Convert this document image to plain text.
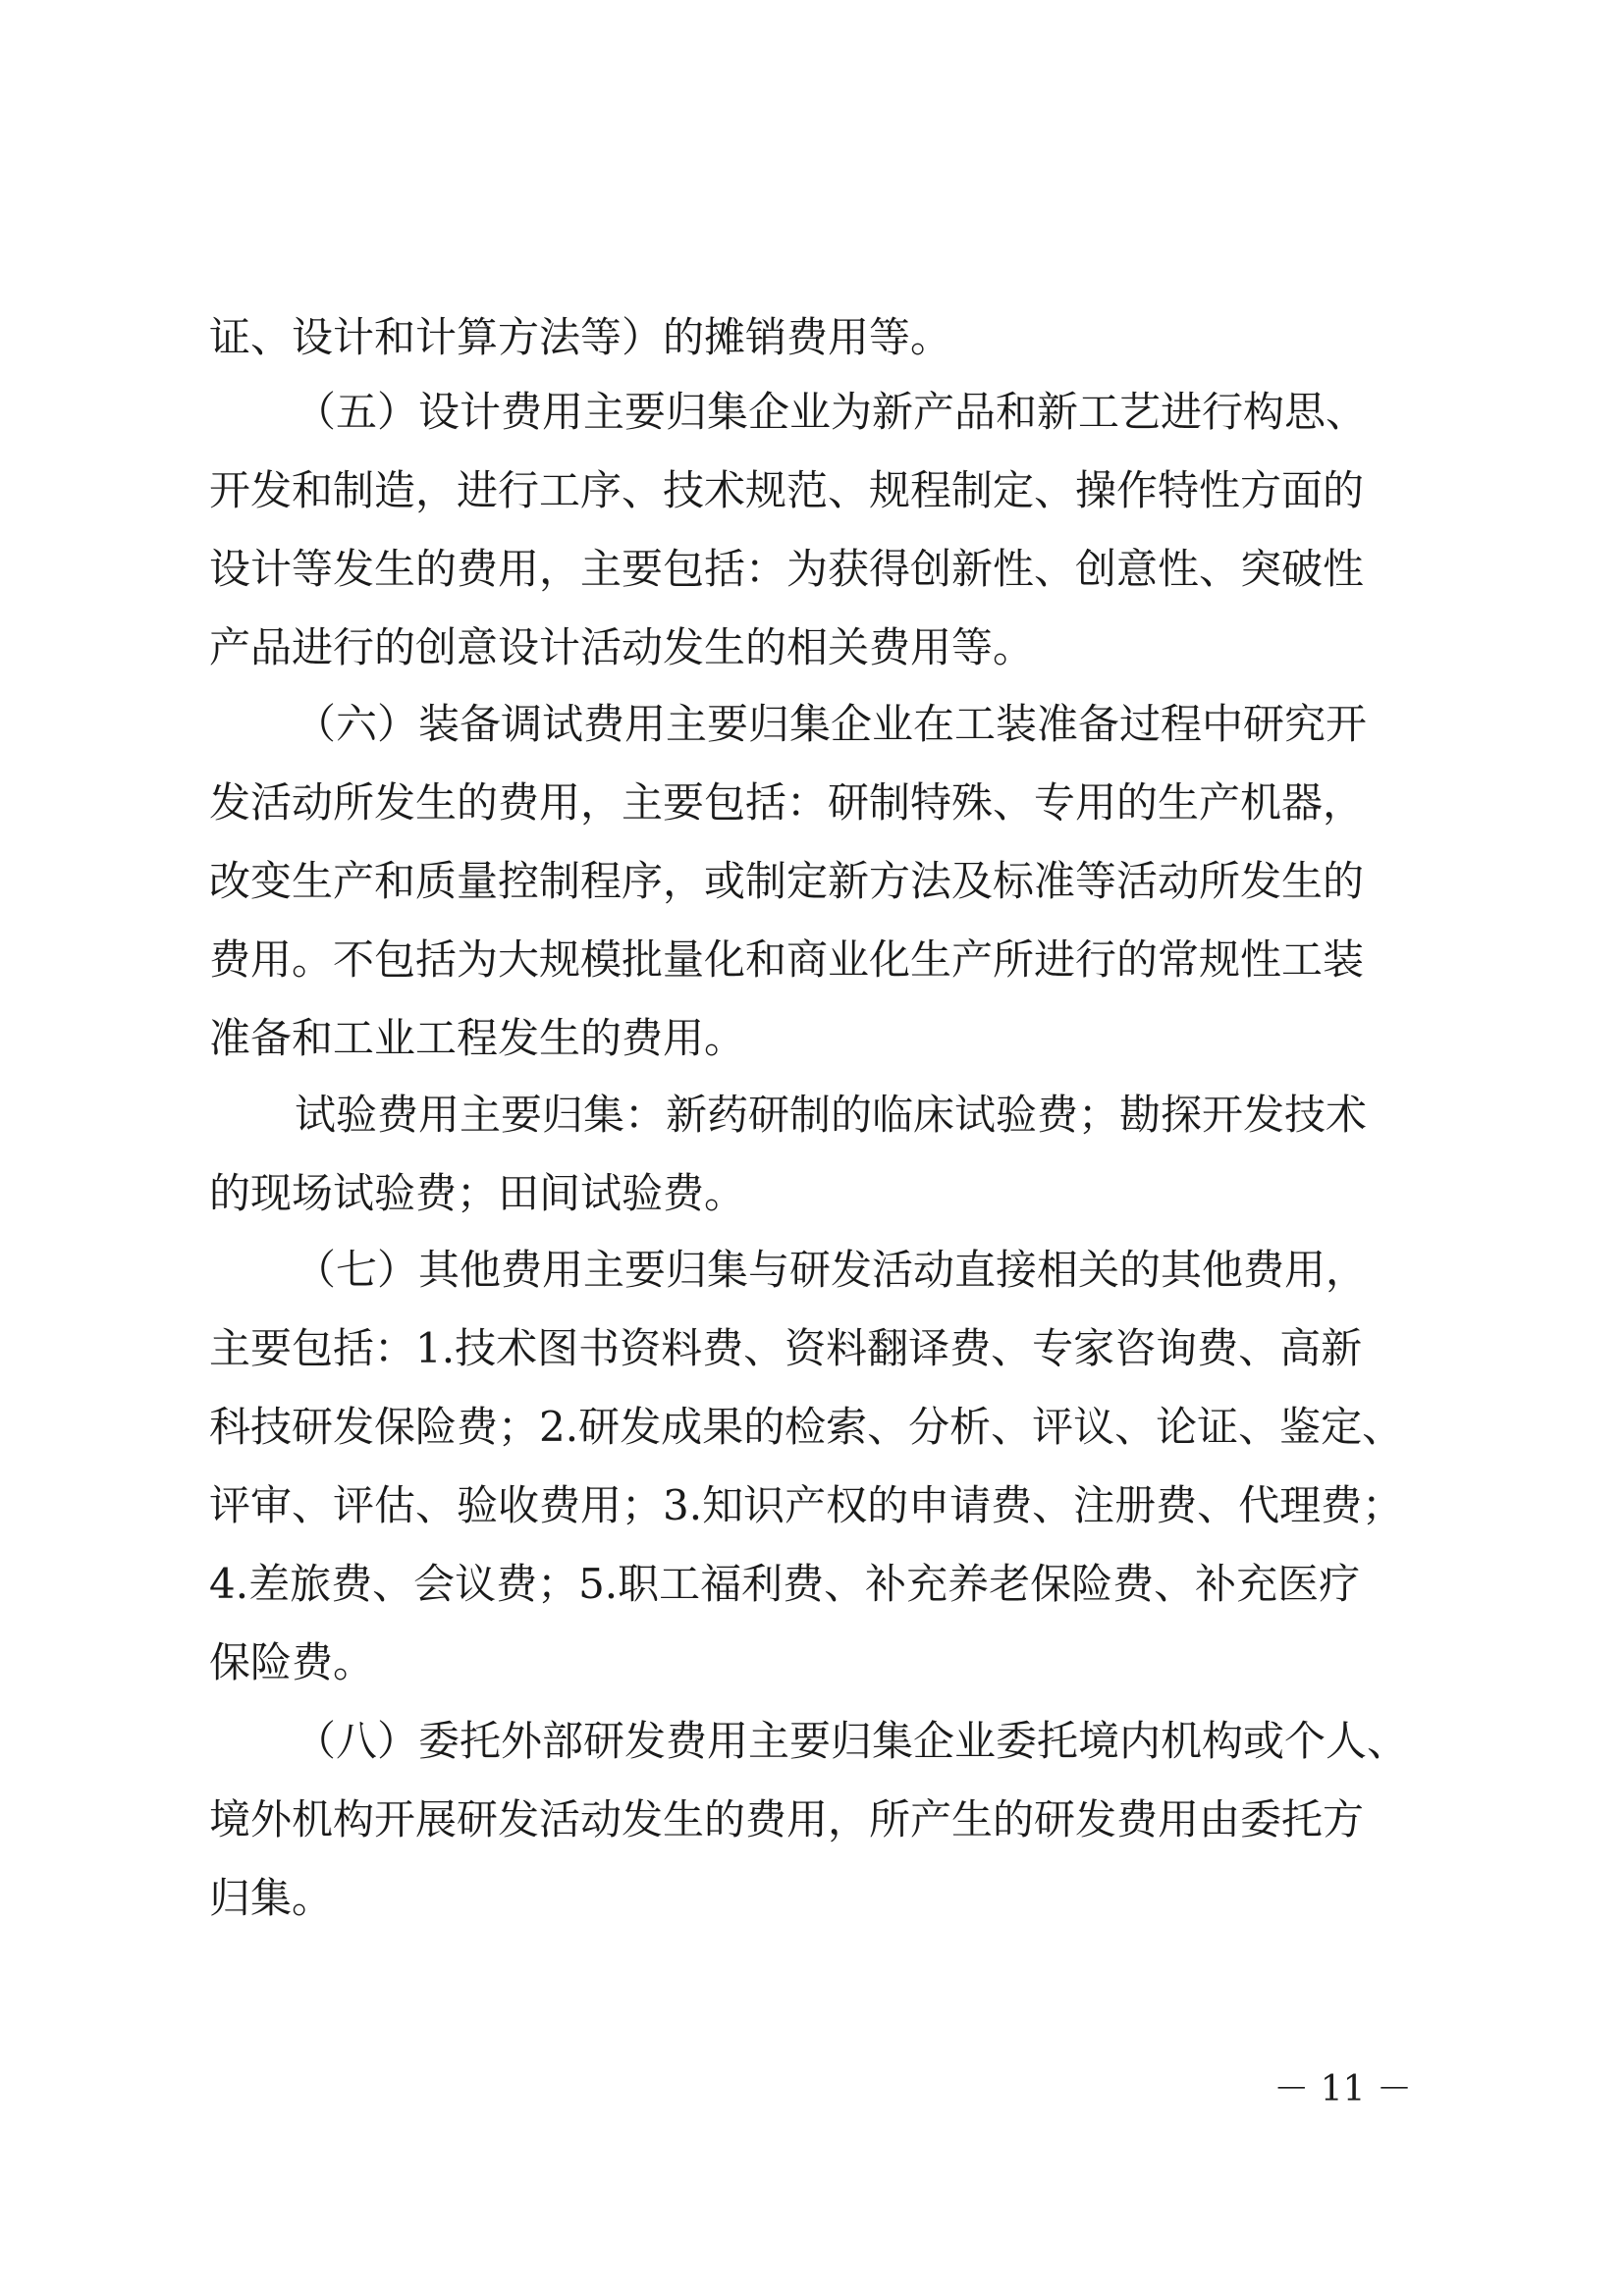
证、设计和计算方法等）的摊销费用等。
（五）设计费用主要归集企业为新产品和新工艺进行构思、
开发和制造，进行工序、技术规范、规程制定、操作特性方面的
设计等发生的费用，主要包括：为获得创新性、创意性、突破性
产品进行的创意设计活动发生的相关费用等。
（六）装备调试费用主要归集企业在工装准备过程中研究开
发活动所发生的费用，主要包括：研制特殊、专用的生产机器，
改变生产和质量控制程序，或制定新方法及标准等活动所发生的
费用。不包括为大规模批量化和商业化生产所进行的常规性工装
准备和工业工程发生的费用。
试验费用主要归集：新药研制的临床试验费；勘探开发技术
的现场试验费；田间试验费。
（七）其他费用主要归集与研发活动直接相关的其他费用，
主要包括：1.技术图书资料费、资料翻译费、专家咨询费、高新
科技研发保险费；2.研发成果的检索、分析、评议、论证、鉴定、
评审、评估、验收费用；3.知识产权的申请费、注册费、代理费；
4.差旅费、会议费；5.职工福利费、补充养老保险费、补充医疗
保险费。
（八）委托外部研发费用主要归集企业委托境内机构或个人、
境外机构开展研发活动发生的费用，所产生的研发费用由委托方
归集。
－ 11 －
